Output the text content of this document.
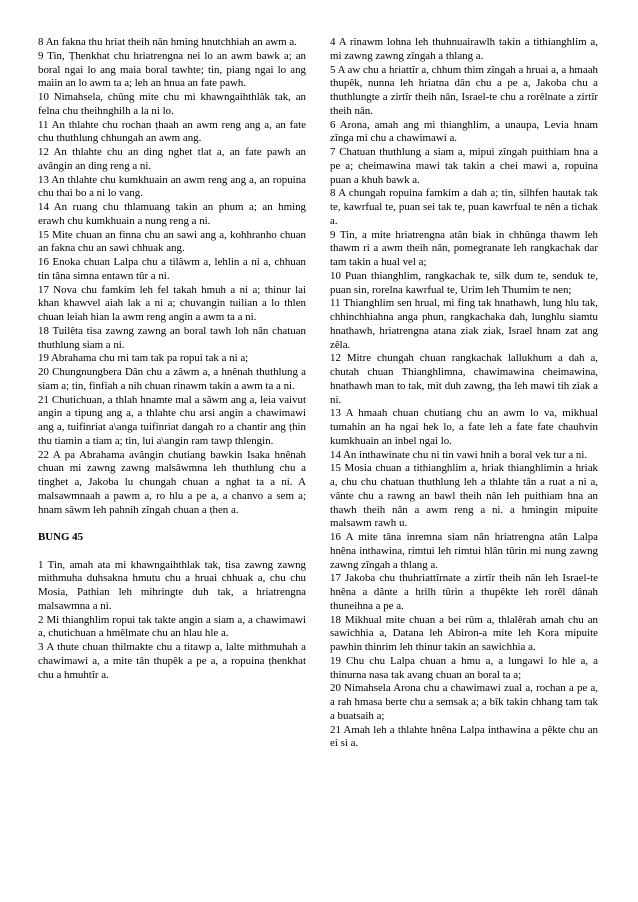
8 An fakna thu hriat theih nân hming hnutchhiah an awm a.

9 Tin, Ṭhenkhat chu hriatrengna nei lo an awm bawk a; an boral ngai lo ang maia boral tawhte; tin, piang ngai lo ang maiin an lo awm ta a; leh an hnua an fate pawh.

10 Nimahsela, chûng mite chu mi khawngaihthlâk tak, an felna chu theihnghilh a la ni lo.

11 An thlahte chu rochan ṭhaah an awm reng ang a, an fate chu thuthlung chhungah an awm ang.

12 An thlahte chu an ding nghet tlat a, an fate pawh an avângin an ding reng a ni.

13 An thlahte chu kumkhuain an awm reng ang a, an ropuina chu thai bo a ni lo vang.

14 An ruang chu thlamuang takin an phum a; an hming erawh chu kumkhuain a nung reng a ni.

15 Mite chuan an finna chu an sawi ang a, kohhranho chuan an fakna chu an sawi chhuak ang.

16 Enoka chuan Lalpa chu a tilâwm a, lehlin a ni a, chhuan tin tâna simna entawn tûr a ni.

17 Nova chu famkim leh fel takah hmuh a ni a; thinur lai khan khawvel aiah lak a ni a; chuvangin tuilian a lo thlen chuan leiah hian la awm reng angin a awm ta a ni.

18 Tuilêta tisa zawng zawng an boral tawh loh nân chatuan thuthlung siam a ni.

19 Abrahama chu mi tam tak pa ropui tak a ni a;

20 Chungnungbera Dân chu a zâwm a, a hnênah thuthlung a siam a; tin, finfiah a nih chuan rinawm takin a awm ta a ni.

21 Chutichuan, a thlah hnamte mal a sâwm ang a, leia vaivut angin a tipung ang a, a thlahte chu arsi angin a chawimawi ang a, tuifinriat a\anga tuifinriat dangah ro a chantir ang ṭhin thu tiamin a tiam a; tin, lui a\angin ram tawp thlengin.

22 A pa Abrahama avângin chutiang bawkin Isaka hnênah chuan mi zawng zawng malsâwmna leh thuthlung chu a tinghet a, Jakoba lu chungah chuan a nghat ta a ni. A malsawmnaah a pawm a, ro hlu a pe a, a chanvo a sem a; hnam sâwm leh pahnih zîngah chuan a ṭhen a.

BUNG 45

1 Tin, amah ata mi khawngaihthlak tak, tisa zawng zawng mithmuha duhsakna hmutu chu a hruai chhuak a, chu chu Mosia, Pathian leh mihringte duh tak, a hriatrengna malsawmna a ni.

2 Mi thianghlim ropui tak takte angin a siam a, a chawimawi a, chutichuan a hmêlmate chu an hlau hle a.

3 A thute chuan thilmakte chu a titawp a, lalte mithmuhah a chawimawi a, a mite tân thupêk a pe a, a ropuina ṭhenkhat chu a hmuhtîr a.

4 A rinawm lohna leh thuhnuairawlh takin a tithianghlim a, mi zawng zawng zîngah a thlang a.

5 A aw chu a hriattîr a, chhum thim zîngah a hruai a, a hmaah thupêk, nunna leh hriatna dân chu a pe a, Jakoba chu a thuthlungte a zirtîr theih nân, Israel-te chu a rorêlnate a zirtîr theih nân.

6 Arona, amah ang mi thianghlim, a unaupa, Levia hnam zînga mi chu a chawimawi a.

7 Chatuan thuthlung a siam a, mipui zîngah puithiam hna a pe a; cheimawina mawi tak takin a chei mawi a, ropuina puan a khuh bawk a.

8 A chungah ropuina famkim a dah a; tin, silhfen hautak tak te, kawrfual te, puan sei tak te, puan kawrfual te nên a tichak a.

9 Tin, a mite hriatrengna atân biak in chhûnga thawm leh thawm ri a awm theih nân, pomegranate leh rangkachak dar tam takin a hual vel a;

10 Puan thianghlim, rangkachak te, silk dum te, senduk te, puan sin, rorelna kawrfual te, Urim leh Thumim te nen;

11 Thianghlim sen hrual, mi fing tak hnathawh, lung hlu tak, chhinchhiahna anga phun, rangkachaka dah, lunghlu siamtu hnathawh, hriatrengna atana ziak ziak, Israel hnam zat ang zêla.

12 Mitre chungah chuan rangkachak lallukhum a dah a, chutah chuan Thianghlimna, chawimawina cheimawina, hnathawh man to tak, mit duh zawng, ṭha leh mawi tih ziak a ni.

13 A hmaah chuan chutiang chu an awm lo va, mikhual tumahin an ha ngai hek lo, a fate leh a fate fate chauhvin kumkhuain an inbel ngai lo.

14 An inthawinate chu ni tin vawi hnih a boral vek tur a ni.

15 Mosia chuan a tithianghlim a, hriak thianghlimin a hriak a, chu chu chatuan thuthlung leh a thlahte tân a ruat a ni a, vânte chu a rawng an bawl theih nân leh puithiam hna an thawh theih nân a awm reng a ni. a hmingin mipuite malsawm rawh u.

16 A mite tâna inremna siam nân hriatrengna atân Lalpa hnêna inthawina, rimtui leh rimtui hlân tûrin mi nung zawng zawng zîngah a thlang a.

17 Jakoba chu thuhriattîrnate a zirtîr theih nân leh Israel-te hnêna a dânte a hrilh tûrin a thupêkte leh rorêl dânah thuneihna a pe a.

18 Mikhual mite chuan a bei rûm a, thlalêrah amah chu an sawichhia a, Datana leh Abiron-a mite leh Kora mipuite pawhin thinrim leh thinur takin an sawichhia a.

19 Chu chu Lalpa chuan a hmu a, a lungawi lo hle a, a thinurna nasa tak avang chuan an boral ta a;

20 Nimahsela Arona chu a chawimawi zual a, rochan a pe a, a rah hmasa berte chu a semsak a; a bîk takin chhang tam tak a buatsaih a;

21 Amah leh a thlahte hnêna Lalpa inthawina a pêkte chu an ei si a.
